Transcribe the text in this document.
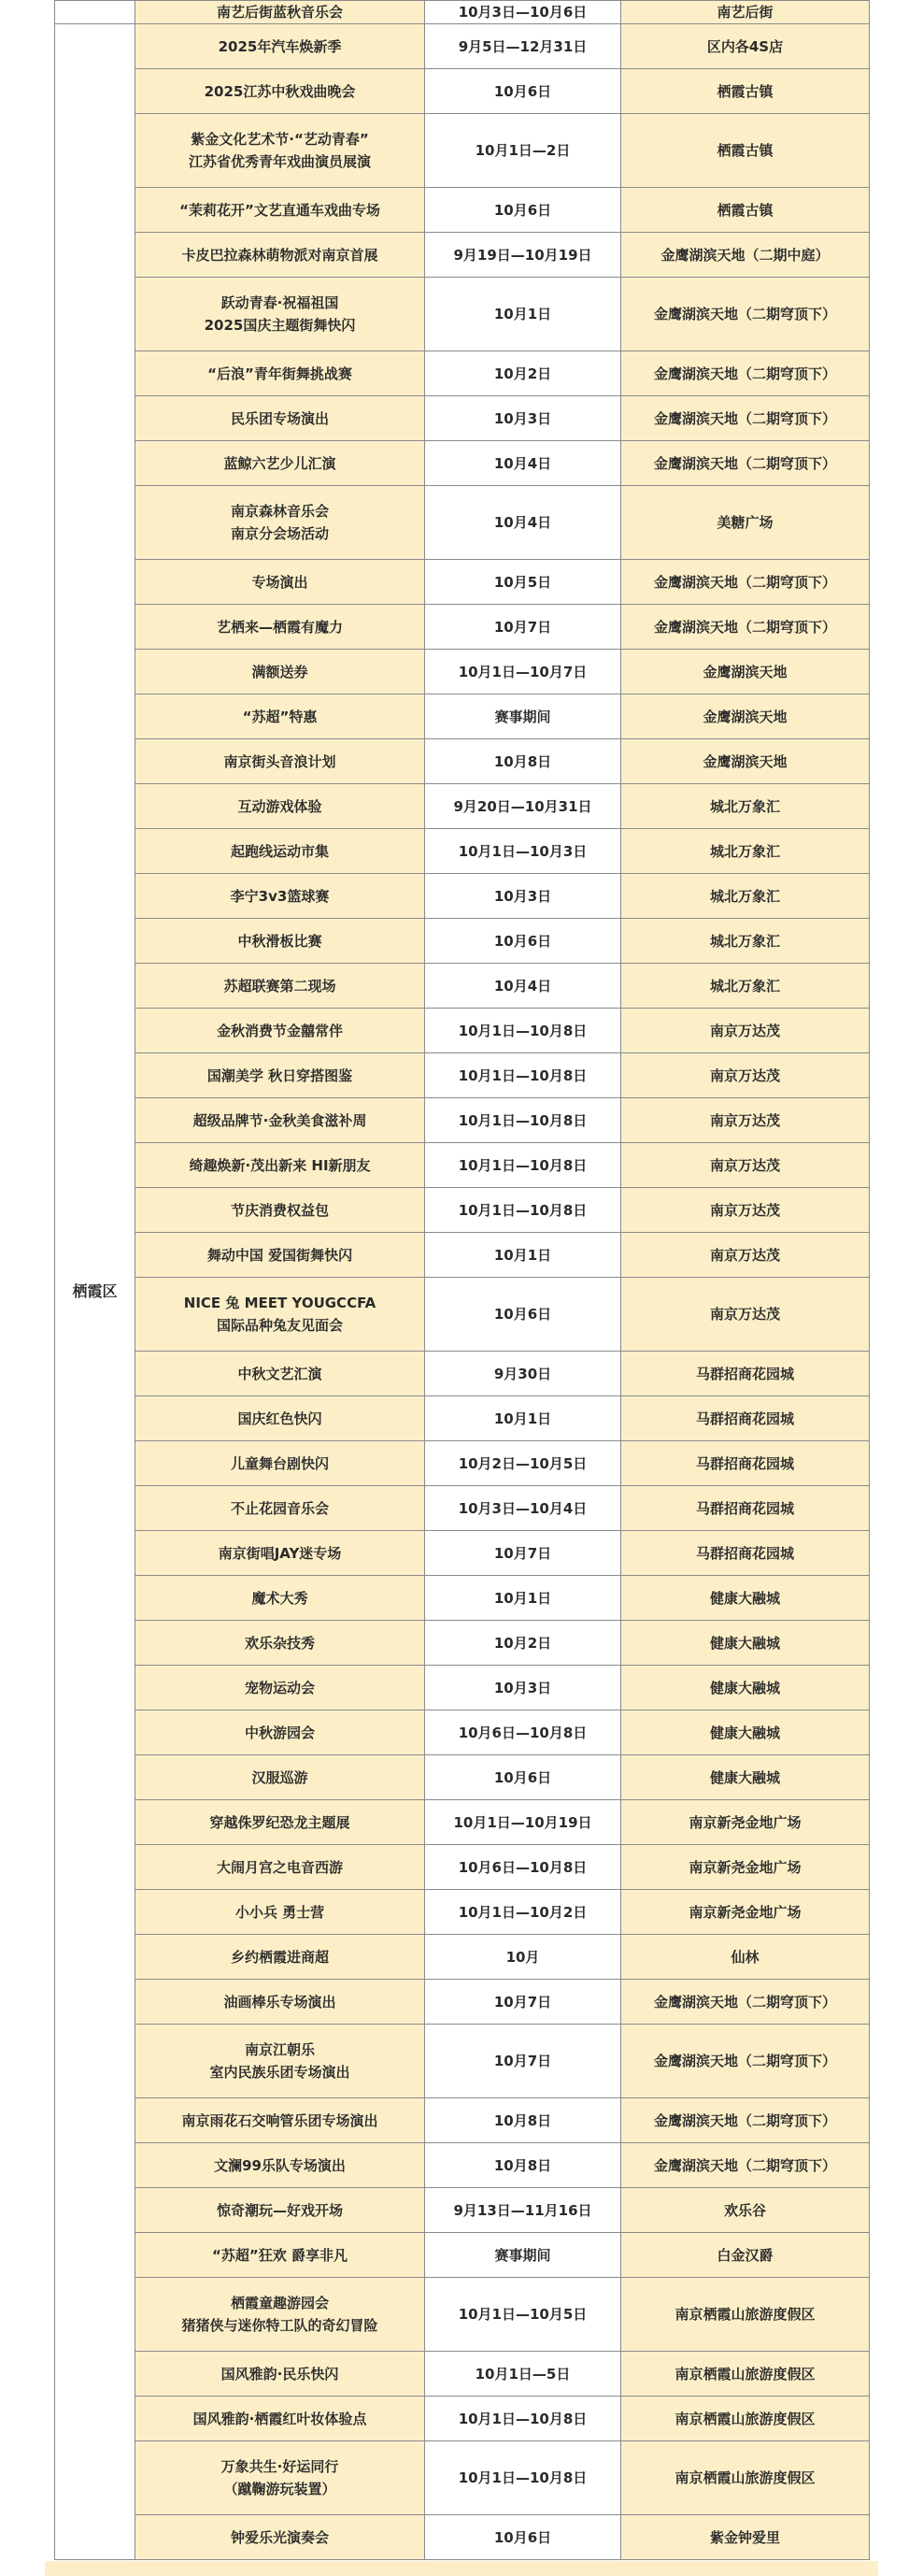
	南艺后街蓝秋音乐会	10月3日—10月6日	南艺后街
栖霞区	2025年汽车焕新季	9月5日—12月31日	区内各4S店
	2025江苏中秋戏曲晚会	10月6日	栖霞古镇

	紫金文化艺术节·“艺动青春”
江苏省优秀青年戏曲演员展演	10月1日—2日	栖霞古镇
	“茉莉花开”文艺直通车戏曲专场	10月6日	栖霞古镇
	卡皮巴拉森林萌物派对南京首展	9月19日—10月19日	金鹰湖滨天地（二期中庭）

	跃动青春·祝福祖国
2025国庆主题街舞快闪	10月1日	金鹰湖滨天地（二期穹顶下）
	“后浪”青年街舞挑战赛	10月2日	金鹰湖滨天地（二期穹顶下）
	民乐团专场演出	10月3日	金鹰湖滨天地（二期穹顶下）
	蓝鲸六艺少儿汇演	10月4日	金鹰湖滨天地（二期穹顶下）

	南京森林音乐会
南京分会场活动	10月4日	美糖广场
	专场演出	10月5日	金鹰湖滨天地（二期穹顶下）
	艺栖来—栖霞有魔力	10月7日	金鹰湖滨天地（二期穹顶下）
	满额送券	10月1日—10月7日	金鹰湖滨天地
	“苏超”特惠	赛事期间	金鹰湖滨天地
	南京街头音浪计划	10月8日	金鹰湖滨天地
	互动游戏体验	9月20日—10月31日	城北万象汇
	起跑线运动市集	10月1日—10月3日	城北万象汇
	李宁3v3篮球赛	10月3日	城北万象汇
	中秋滑板比赛	10月6日	城北万象汇
	苏超联赛第二现场	10月4日	城北万象汇
	金秋消费节金囍常伴	10月1日—10月8日	南京万达茂
	国潮美学 秋日穿搭图鉴	10月1日—10月8日	南京万达茂
	超级品牌节·金秋美食滋补周	10月1日—10月8日	南京万达茂
	绮趣焕新·茂出新来 HI新朋友	10月1日—10月8日	南京万达茂
	节庆消费权益包	10月1日—10月8日	南京万达茂
	舞动中国 爱国街舞快闪	10月1日	南京万达茂

	NICE 兔 MEET YOUGCCFA
国际品种兔友见面会	10月6日	南京万达茂
	中秋文艺汇演	9月30日	马群招商花园城
	国庆红色快闪	10月1日	马群招商花园城
	儿童舞台剧快闪	10月2日—10月5日	马群招商花园城
	不止花园音乐会	10月3日—10月4日	马群招商花园城
	南京街唱JAY迷专场	10月7日	马群招商花园城
	魔术大秀	10月1日	健康大融城
	欢乐杂技秀	10月2日	健康大融城
	宠物运动会	10月3日	健康大融城
	中秋游园会	10月6日—10月8日	健康大融城
	汉服巡游	10月6日	健康大融城
	穿越侏罗纪恐龙主题展	10月1日—10月19日	南京新尧金地广场
	大闹月宫之电音西游	10月6日—10月8日	南京新尧金地广场
	小小兵 勇士营	10月1日—10月2日	南京新尧金地广场
	乡约栖霞进商超	10月	仙林
	油画棒乐专场演出	10月7日	金鹰湖滨天地（二期穹顶下）

	南京江朝乐
室内民族乐团专场演出	10月7日	金鹰湖滨天地（二期穹顶下）
	南京雨花石交响管乐团专场演出	10月8日	金鹰湖滨天地（二期穹顶下）
	文澜99乐队专场演出	10月8日	金鹰湖滨天地（二期穹顶下）
	惊奇潮玩—好戏开场	9月13日—11月16日	欢乐谷
	“苏超”狂欢 爵享非凡	赛事期间	白金汉爵

	栖霞童趣游园会
猪猪侠与迷你特工队的奇幻冒险	10月1日—10月5日	南京栖霞山旅游度假区
	国风雅韵·民乐快闪	10月1日—5日	南京栖霞山旅游度假区
	国风雅韵·栖霞红叶妆体验点	10月1日—10月8日	南京栖霞山旅游度假区

	万象共生·好运同行
（蹴鞠游玩装置）	10月1日—10月8日	南京栖霞山旅游度假区
	钟爱乐光演奏会	10月6日	紫金钟爱里
